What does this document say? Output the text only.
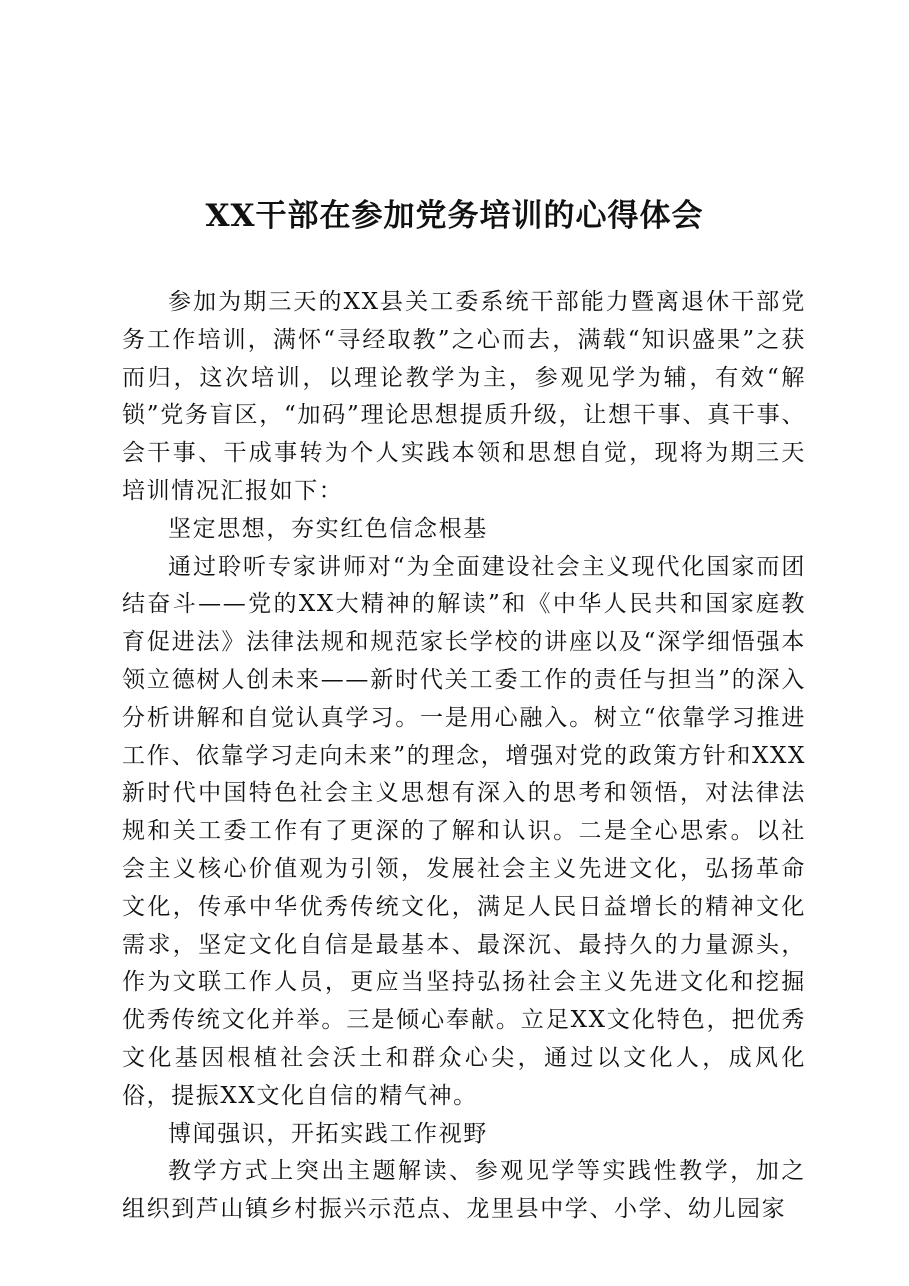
XX干部在参加党务培训的心得体会

参加为期三天的XX县关工委系统干部能力暨离退休干部党务工作培训，满怀“寻经取教”之心而去，满载“知识盛果”之获而归，这次培训，以理论教学为主，参观见学为辅，有效“解锁”党务盲区，“加码”理论思想提质升级，让想干事、真干事、会干事、干成事转为个人实践本领和思想自觉，现将为期三天培训情况汇报如下：

坚定思想，夯实红色信念根基

通过聆听专家讲师对“为全面建设社会主义现代化国家而团结奋斗——党的XX大精神的解读”和《中华人民共和国家庭教育促进法》法律法规和规范家长学校的讲座以及“深学细悟强本领立德树人创未来——新时代关工委工作的责任与担当”的深入分析讲解和自觉认真学习。一是用心融入。树立“依靠学习推进工作、依靠学习走向未来”的理念，增强对党的政策方针和XXX新时代中国特色社会主义思想有深入的思考和领悟，对法律法规和关工委工作有了更深的了解和认识。二是全心思索。以社会主义核心价值观为引领，发展社会主义先进文化，弘扬革命文化，传承中华优秀传统文化，满足人民日益增长的精神文化需求，坚定文化自信是最基本、最深沉、最持久的力量源头，作为文联工作人员，更应当坚持弘扬社会主义先进文化和挖掘优秀传统文化并举。三是倾心奉献。立足XX文化特色，把优秀文化基因根植社会沃土和群众心尖，通过以文化人，成风化俗，提振XX文化自信的精气神。

博闻强识，开拓实践工作视野

教学方式上突出主题解读、参观见学等实践性教学，加之组织到芦山镇乡村振兴示范点、龙里县中学、小学、幼儿园家
